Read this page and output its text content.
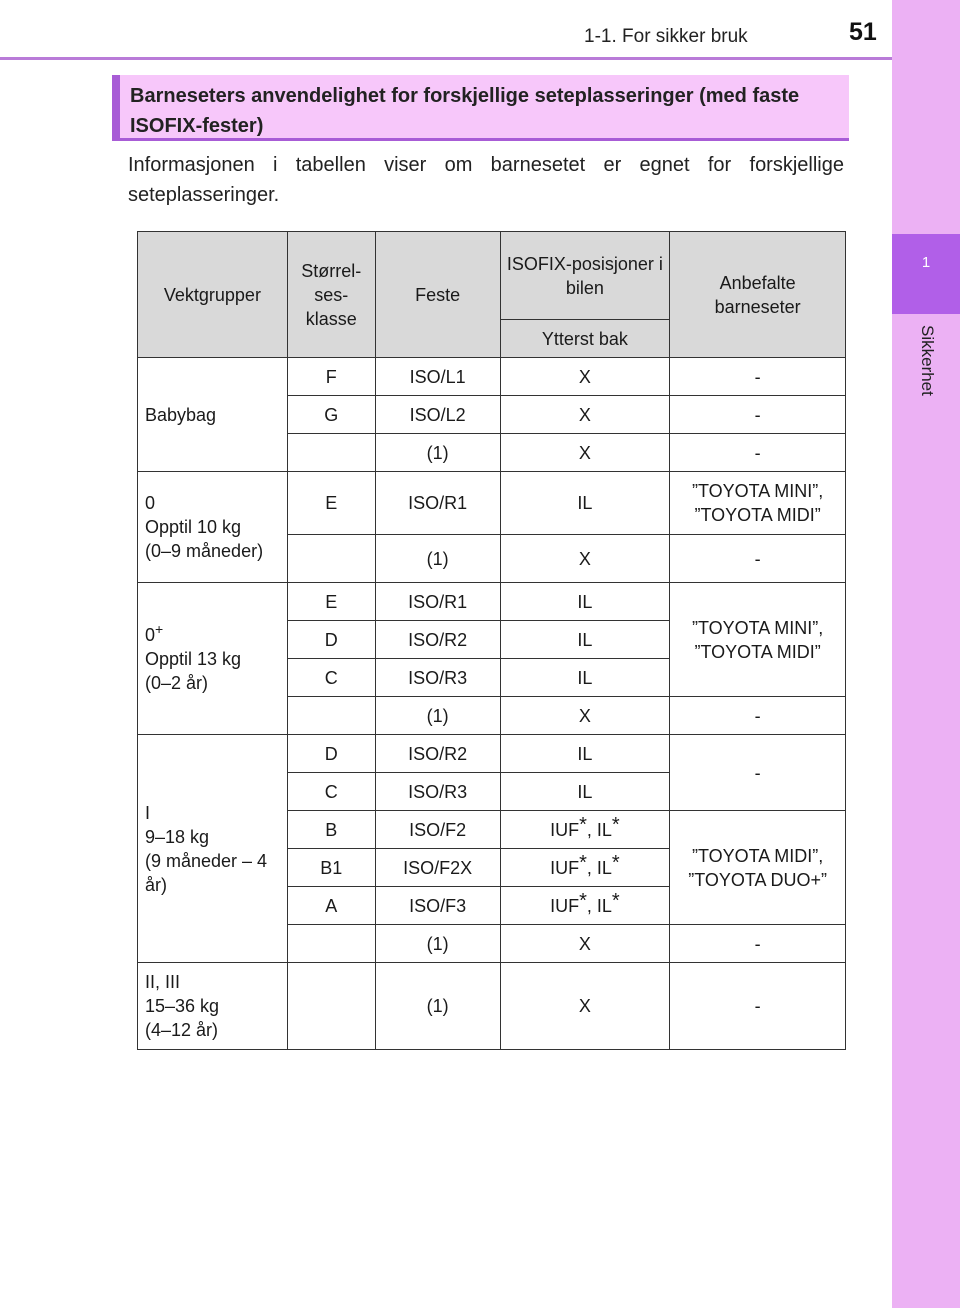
1-1. For sikker bruk	51
1
Sikkerhet
Barneseters anvendelighet for forskjellige seteplasseringer (med faste ISOFIX-fester)
Informasjonen i tabellen viser om barnesetet er egnet for forskjellige seteplasseringer.
Vektgrupper	Størrel-ses-klasse	Feste	ISOFIX-posisjoner i bilen	Anbefalte barneseter
			Ytterst bak	
Babybag	F	ISO/L1	X	-
	G	ISO/L2	X	-
		(1)	X	-

0
Opptil 10 kg
(0–9 måneder)	E	ISO/R1	IL	”TOYOTA MINI”, ”TOYOTA MIDI”
		(1)	X	-

0+
Opptil 13 kg
(0–2 år)	E	ISO/R1	IL	”TOYOTA MINI”, ”TOYOTA MIDI”
	D	ISO/R2	IL	
	C	ISO/R3	IL	
		(1)	X	-

I
9–18 kg
(9 måneder – 4 år)	D	ISO/R2	IL	-
	C	ISO/R3	IL	
	B	ISO/F2	IUF*, IL*	”TOYOTA MIDI”, ”TOYOTA DUO+”
	B1	ISO/F2X	IUF*, IL*
	A	ISO/F3	IUF*, IL*
		(1)	X	-

II, III
15–36 kg
(4–12 år)		(1)	X	-
